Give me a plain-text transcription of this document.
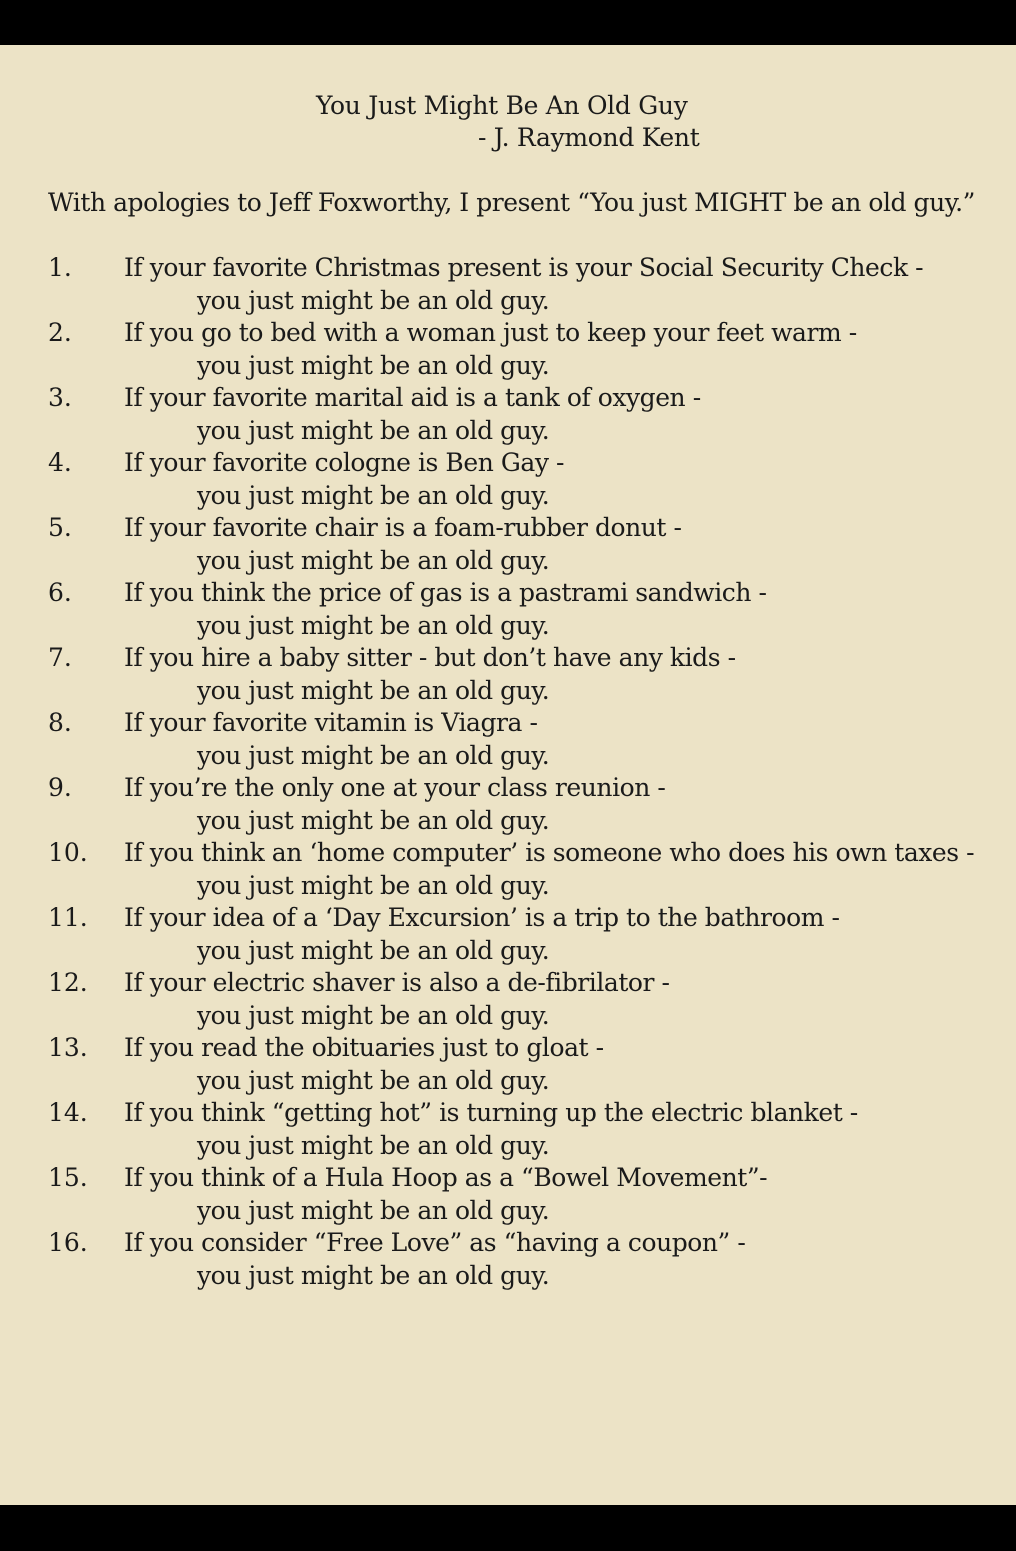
You Just Might Be An Old Guy
- J. Raymond Kent
With apologies to Jeff Foxworthy, I present “You just MIGHT be an old guy.”
1. If your favorite Christmas present is your Social Security Check -
you just might be an old guy.
2. If you go to bed with a woman just to keep your feet warm -
you just might be an old guy.
3. If your favorite marital aid is a tank of oxygen -
you just might be an old guy.
4. If your favorite cologne is Ben Gay -
you just might be an old guy.
5. If your favorite chair is a foam-rubber donut -
you just might be an old guy.
6. If you think the price of gas is a pastrami sandwich -
you just might be an old guy.
7. If you hire a baby sitter - but don’t have any kids -
you just might be an old guy.
8. If your favorite vitamin is Viagra -
you just might be an old guy.
9. If you’re the only one at your class reunion -
you just might be an old guy.
10. If you think an ‘home computer’ is someone who does his own taxes -
you just might be an old guy.
11. If your idea of a ‘Day Excursion’ is a trip to the bathroom -
you just might be an old guy.
12. If your electric shaver is also a de-fibrilator -
you just might be an old guy.
13. If you read the obituaries just to gloat -
you just might be an old guy.
14. If you think “getting hot” is turning up the electric blanket -
you just might be an old guy.
15. If you think of a Hula Hoop as a “Bowel Movement”-
you just might be an old guy.
16. If you consider “Free Love” as “having a coupon” -
you just might be an old guy.
